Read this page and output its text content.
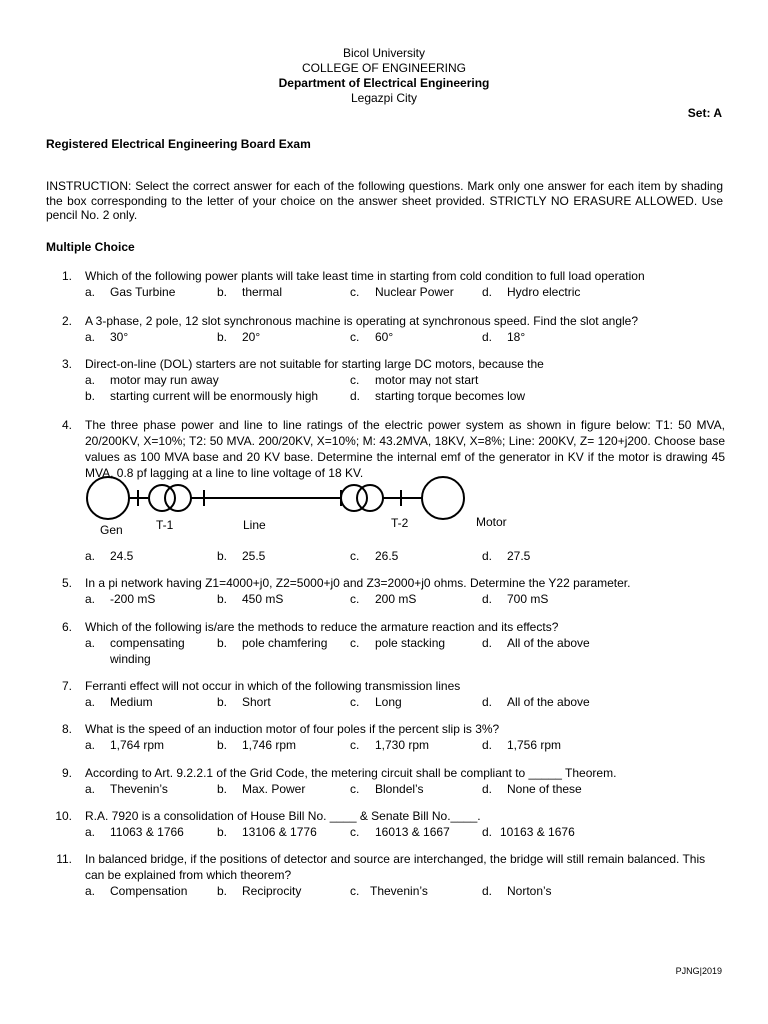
Bicol University
COLLEGE OF ENGINEERING
Department of Electrical Engineering
Legazpi City
Set: A
Registered Electrical Engineering Board Exam
INSTRUCTION: Select the correct answer for each of the following questions. Mark only one answer for each item by shading the box corresponding to the letter of your choice on the answer sheet provided. STRICTLY NO ERASURE ALLOWED. Use pencil No. 2 only.
Multiple Choice
1. Which of the following power plants will take least time in starting from cold condition to full load operation
a. Gas Turbine	b. thermal	c. Nuclear Power d. Hydro electric
2. A 3-phase, 2 pole, 12 slot synchronous machine is operating at synchronous speed. Find the slot angle?
a. 30°	b. 20°	c. 60°	d. 18°
3. Direct-on-line (DOL) starters are not suitable for starting large DC motors, because the
a. motor may run away	c. motor may not start
b. starting current will be enormously high	d. starting torque becomes low
4. The three phase power and line to line ratings of the electric power system as shown in figure below: T1: 50 MVA, 20/200KV, X=10%; T2: 50 MVA. 200/20KV, X=10%; M: 43.2MVA, 18KV, X=8%; Line: 200KV, Z= 120+j200. Choose base values as 100 MVA base and 20 KV base. Determine the internal emf of the generator in KV if the motor is drawing 45 MVA, 0.8 pf lagging at a line to line voltage of 18 KV.
Gen	T-1	Line	T-2	Motor
a. 24.5	b. 25.5	c. 26.5	d. 27.5
5. In a pi network having Z1=4000+j0, Z2=5000+j0 and Z3=2000+j0 ohms. Determine the Y22 parameter.
a. -200 mS	b. 450 mS	c. 200 mS	d. 700 mS
6. Which of the following is/are the methods to reduce the armature reaction and its effects?
a. compensating winding
b. pole chamfering c. pole stacking	d. All of the above
7. Ferranti effect will not occur in which of the following transmission lines
a. Medium	b. Short	c. Long	d. All of the above
8. What is the speed of an induction motor of four poles if the percent slip is 3%?
a. 1,764 rpm	b. 1,746 rpm	c. 1,730 rpm	d. 1,756 rpm
9. According to Art. 9.2.2.1 of the Grid Code, the metering circuit shall be compliant to _____ Theorem.
a. Thevenin’s	b. Max. Power	c. Blondel’s	d. None of these
10. R.A. 7920 is a consolidation of House Bill No. ____ & Senate Bill No.____.
a. 11063 & 1766	b. 13106 & 1776	c. 16013 & 1667	d. 10163 & 1676
11. In balanced bridge, if the positions of detector and source are interchanged, the bridge will still remain balanced. This can be explained from which theorem?
a. Compensation b. Reciprocity	c. Thevenin’s	d. Norton’s
PJNG|2019
